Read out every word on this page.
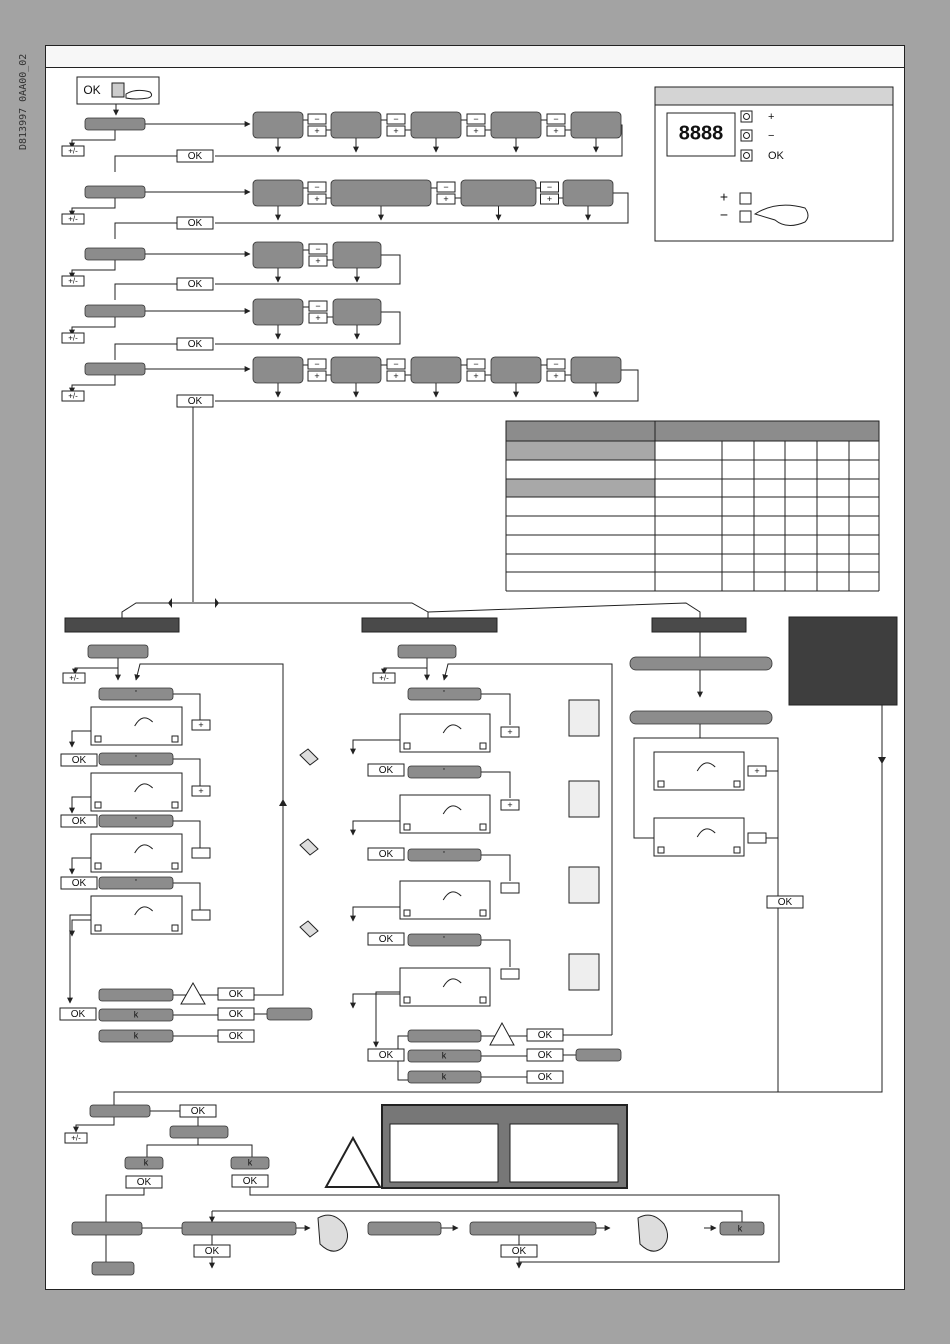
D813997 0AA00_02	OK
+/-
−
+
−
+
−
+
−
+
OK
+/-
−
+
−
+
−
+
OK
+/-
−
+
OK
+/-
−
+
OK
+/-
−
+
−
+
−
+
−
+
OK
8888
+
−
OK
+
−
+/-
'
+
'
+
'
'
OK
OK
OK
OK
OK	k	OK
k	OK
+/-
'
+
'
+
'
'
OK
OK
OK
OK
OK	k	OK
k	OK
+
OK
OK
+/-
k	k
OK	OK
k
OK	OK
